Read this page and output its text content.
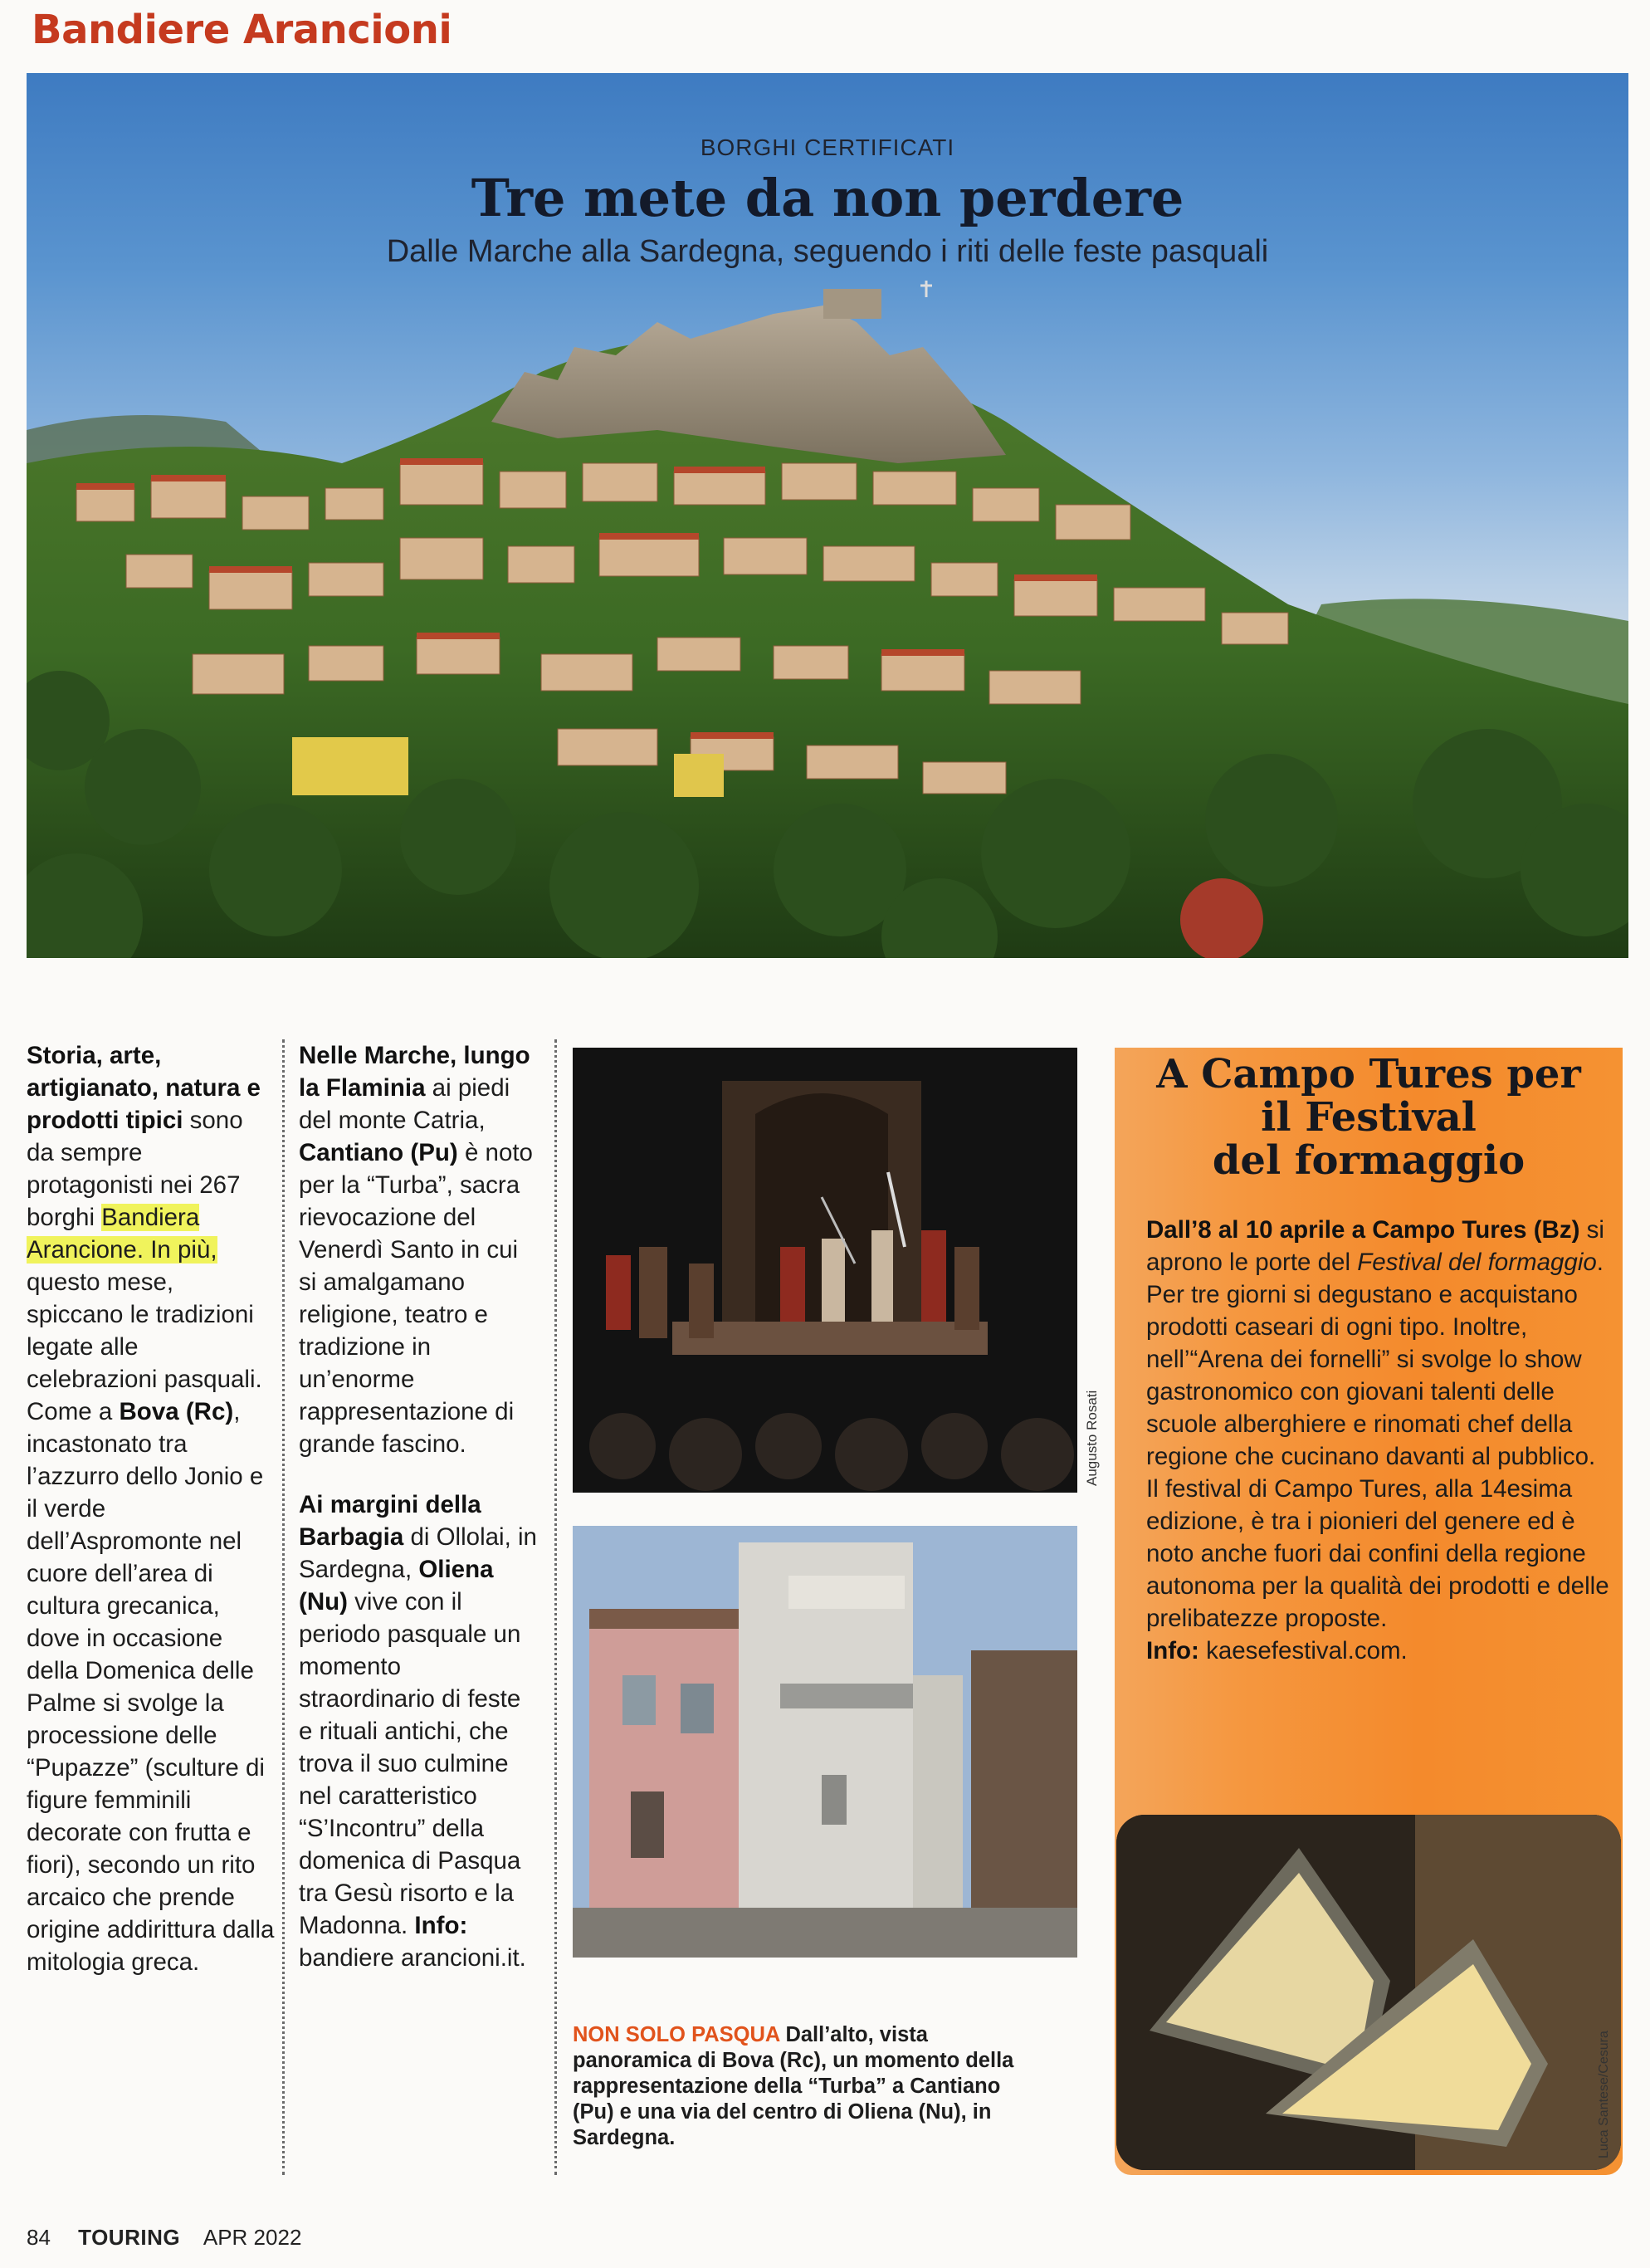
Bandiere Arancioni

BORGHI CERTIFICATI

Tre mete da non perdere

Dalle Marche alla Sardegna, seguendo i riti delle feste pasquali

Storia, arte, artigianato, natura e prodotti tipici sono da sempre protagonisti nei 267 borghi Bandiera Arancione. In più, questo mese, spiccano le tradizioni legate alle celebrazioni pasquali. Come a Bova (Rc), incastonato tra l’azzurro dello Jonio e il verde dell’Aspromonte nel cuore dell’area di cultura grecanica, dove in occasione della Domenica delle Palme si svolge la processione delle “Pupazze” (sculture di figure femminili decorate con frutta e fiori), secondo un rito arcaico che prende origine addirittura dalla mitologia greca.

Nelle Marche, lungo la Flaminia ai piedi del monte Catria, Cantiano (Pu) è noto per la “Turba”, sacra rievocazione del Venerdì Santo in cui si amalgamano religione, teatro e tradizione in un’enorme rappresentazione di grande fascino.

Ai margini della Barbagia di Ollolai, in Sardegna, Oliena (Nu) vive con il periodo pasquale un momento straordinario di feste e rituali antichi, che trova il suo culmine nel caratteristico “S’Incontru” della domenica di Pasqua tra Gesù risorto e la Madonna. Info: bandiere arancioni.it.

Augusto Rosati

NON SOLO PASQUA Dall’alto, vista panoramica di Bova (Rc), un momento della rappresentazione della “Turba” a Cantiano (Pu) e una via del centro di Oliena (Nu), in Sardegna.

A Campo Tures per
il Festival
del formaggio

Dall’8 al 10 aprile a Campo Tures (Bz) si aprono le porte del Festival del formaggio. Per tre giorni si degustano e acquistano prodotti caseari di ogni tipo. Inoltre, nell’“Arena dei fornelli” si svolge lo show gastronomico con giovani talenti delle scuole alberghiere e rinomati chef della regione che cucinano davanti al pubblico.

Il festival di Campo Tures, alla 14esima edizione, è tra i pionieri del genere ed è noto anche fuori dai confini della regione autonoma per la qualità dei prodotti e delle prelibatezze proposte.

Info: kaesefestival.com.

Luca Santese/Cesura
84 TOURING APR 2022
